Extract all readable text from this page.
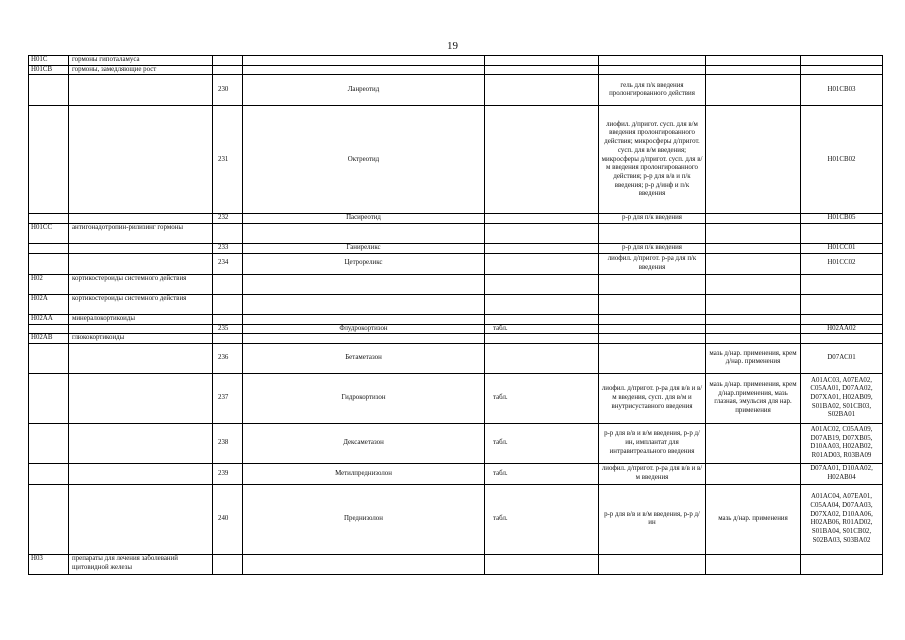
19
H01C	гормоны гипоталамуса						
H01CB	гормоны, замедляющие рост						
		230	Ланреотид		гель для п/к введения пролонгированного действия		H01CB03
		231	Октреотид		лиофил. д/пригот. сусп. для в/м введения пролонгированного действия; микросферы д/пригот. сусп. для в/м введения; микросферы д/пригот. сусп. для в/м введения пролонгированного действия; р-р для в/в и п/к введения; р-р д/инф и п/к введения		H01CB02
		232	Пасиреотид		р-р для п/к введения		H01CB05
H01CC	антигонадотропин-рилизинг гормоны						
		233	Ганиреликс		р-р для п/к введения		H01CC01
		234	Цетрореликс		лиофил. д/пригот. р-ра для п/к введения		H01CC02
H02	кортикостероиды системного действия						
H02A	кортикостероиды системного действия						
H02AA	минералокортикоиды						
		235	Флудрокортизон	табл.			H02AA02
H02AB	глюкокортикоиды						
		236	Бетаметазон			мазь д/нар. применения, крем д/нар. применения	D07AC01
		237	Гидрокортизон	табл.	лиофил. д/пригот. р-ра для в/в и в/м введения, сусп. для в/м и внутрисуставного введения	мазь д/нар. применения, крем д/нар.применения, мазь глазная, эмульсия для нар. применения	A01AC03, A07EA02, C05AA01, D07AA02, D07XA01, H02AB09, S01BA02, S01CB03, S02BA01
		238	Дексаметазон	табл.	р-р для в/в и в/м введения, р-р д/ин, имплантат для интравитреального введения		A01AC02, C05AA09, D07AB19, D07XB05, D10AA03, H02AB02, R01AD03, R03BA09
		239	Метилпреднизолон	табл.	лиофил. д/пригот. р-ра для в/в и в/м введения		D07AA01, D10AA02, H02AB04
		240	Преднизолон	табл.	р-р для в/в и в/м введения, р-р д/ин	мазь д/нар. применения	A01AC04, A07EA01, C05AA04, D07AA03, D07XA02, D10AA06, H02AB06, R01AD02, S01BA04, S01CB02, S02BA03, S03BA02
H03	препараты для лечения заболеваний щитовидной железы						
